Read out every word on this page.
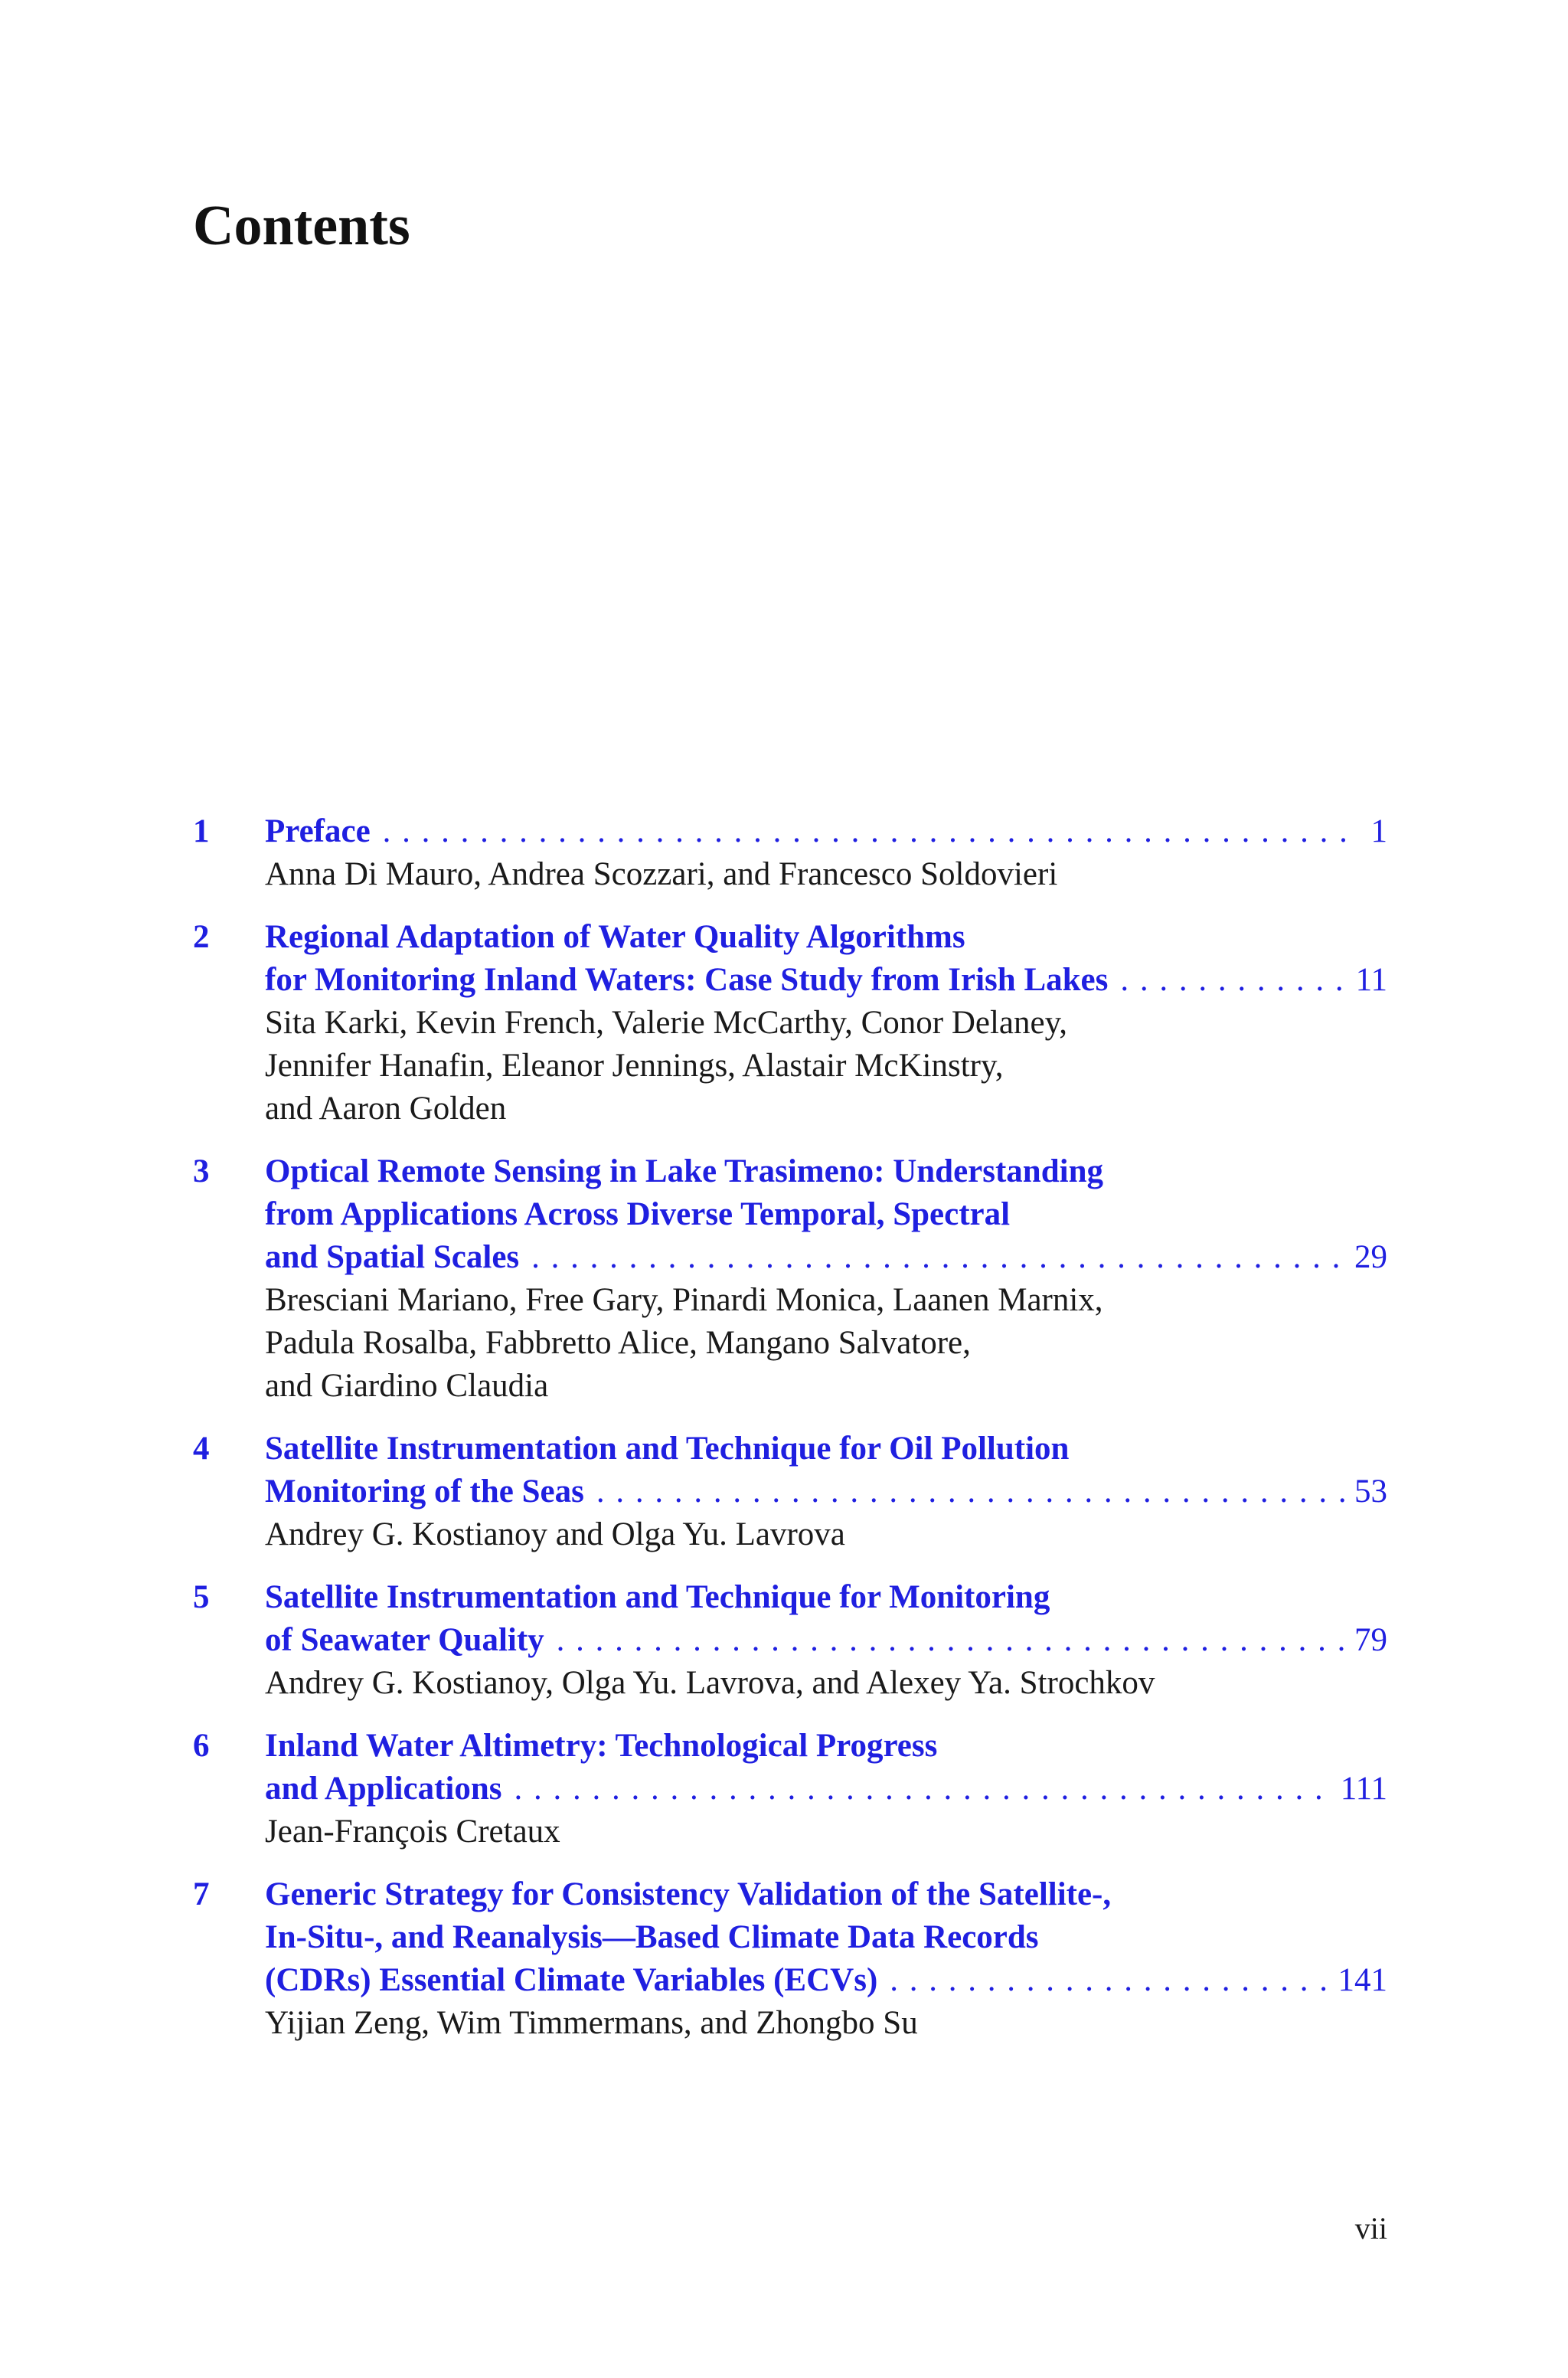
Contents
1 Preface . . .	1
Anna Di Mauro, Andrea Scozzari, and Francesco Soldovieri
2 Regional Adaptation of Water Quality Algorithms
for Monitoring Inland Waters: Case Study from Irish Lakes . . .	11
Sita Karki, Kevin French, Valerie McCarthy, Conor Delaney,
Jennifer Hanafin, Eleanor Jennings, Alastair McKinstry,
and Aaron Golden
3 Optical Remote Sensing in Lake Trasimeno: Understanding
from Applications Across Diverse Temporal, Spectral
and Spatial Scales . . .	29
Bresciani Mariano, Free Gary, Pinardi Monica, Laanen Marnix,
Padula Rosalba, Fabbretto Alice, Mangano Salvatore,
and Giardino Claudia
4 Satellite Instrumentation and Technique for Oil Pollution
Monitoring of the Seas . . .	53
Andrey G. Kostianoy and Olga Yu. Lavrova
5 Satellite Instrumentation and Technique for Monitoring
of Seawater Quality . . .	79
Andrey G. Kostianoy, Olga Yu. Lavrova, and Alexey Ya. Strochkov
6 Inland Water Altimetry: Technological Progress
and Applications . . .	111
Jean-François Cretaux
7 Generic Strategy for Consistency Validation of the Satellite-,
In-Situ-, and Reanalysis—Based Climate Data Records
(CDRs) Essential Climate Variables (ECVs) . . .	141
Yijian Zeng, Wim Timmermans, and Zhongbo Su
vii
